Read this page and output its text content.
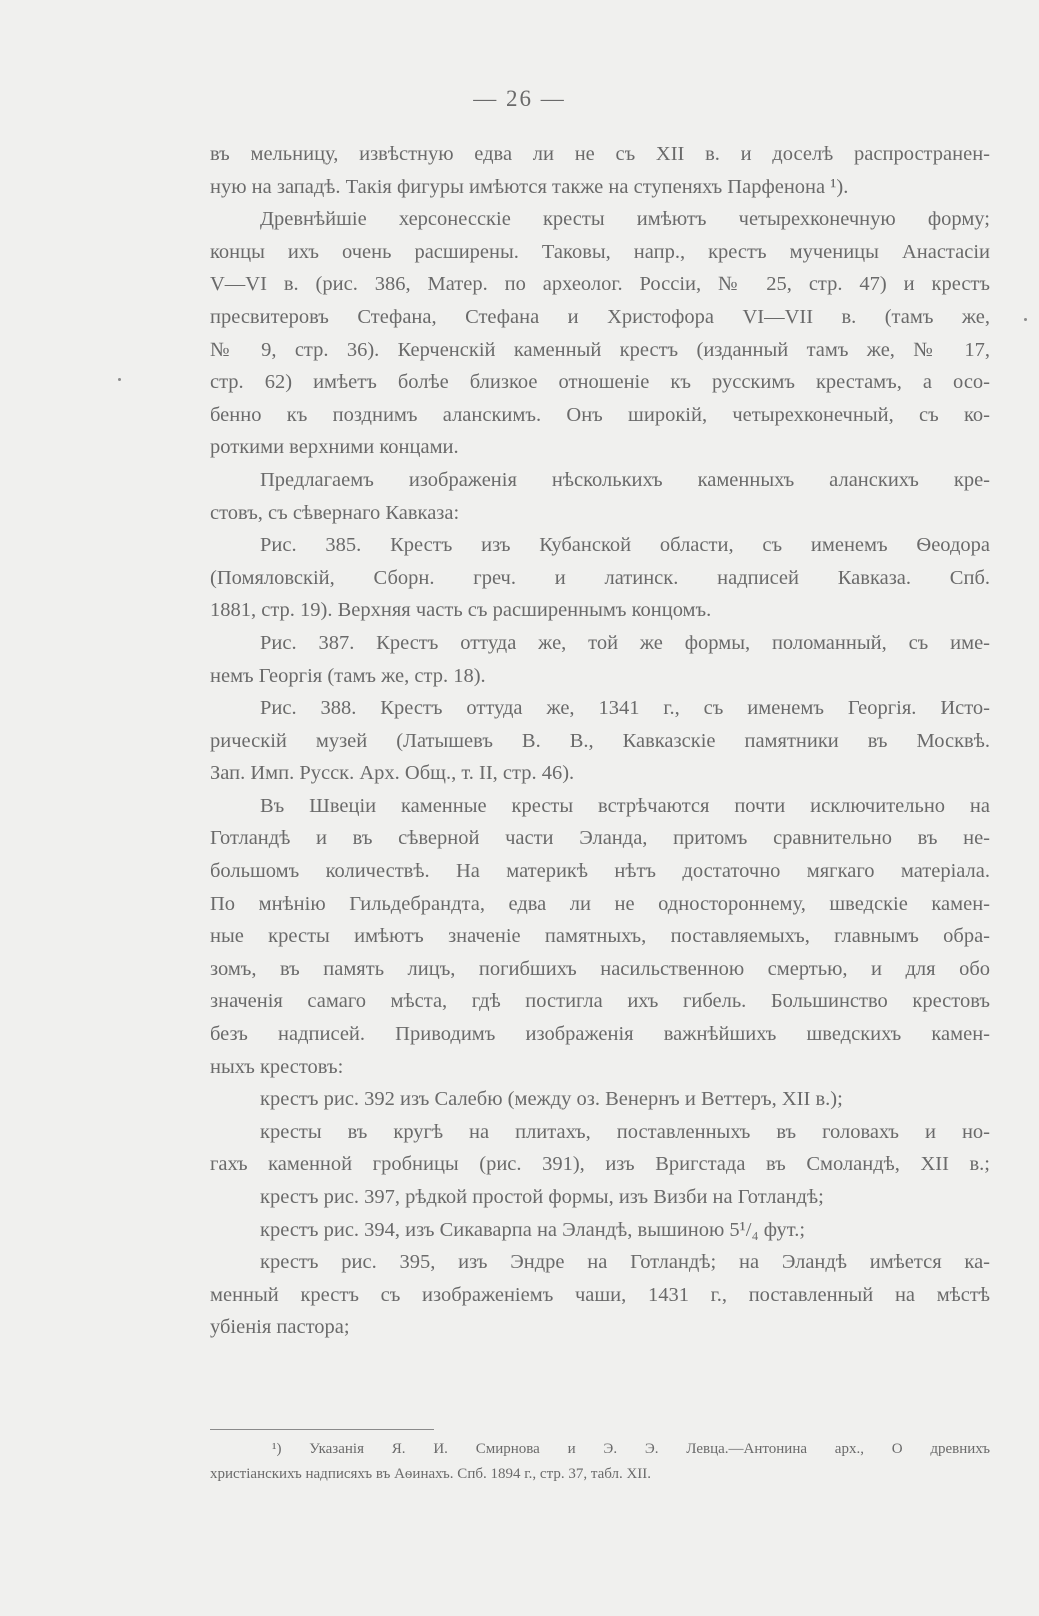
— 26 —
въ мельницу, извѣстную едва ли не съ XII в. и доселѣ распространен-
ную на западѣ. Такія фигуры имѣются также на ступеняхъ Парфенона ¹).
Древнѣйшіе херсонесскіе кресты имѣютъ четырехконечную форму;
концы ихъ очень расширены. Таковы, напр., крестъ мученицы Анастасіи
V—VI в. (рис. 386, Матер. по археолог. Россіи, № 25, стр. 47) и крестъ
пресвитеровъ Стефана, Стефана и Христофора VI—VII в. (тамъ же,
№ 9, стр. 36). Керченскій каменный крестъ (изданный тамъ же, № 17,
стр. 62) имѣетъ болѣе близкое отношеніе къ русскимъ крестамъ, а осо-
бенно къ позднимъ аланскимъ. Онъ широкій, четырехконечный, съ ко-
роткими верхними концами.
Предлагаемъ изображенія нѣсколькихъ каменныхъ аланскихъ кре-
стовъ, съ сѣвернаго Кавказа:
Рис. 385. Крестъ изъ Кубанской области, съ именемъ Ѳеодора
(Помяловскій, Сборн. греч. и латинск. надписей Кавказа. Спб.
1881, стр. 19). Верхняя часть съ расширеннымъ концомъ.
Рис. 387. Крестъ оттуда же, той же формы, поломанный, съ име-
немъ Георгія (тамъ же, стр. 18).
Рис. 388. Крестъ оттуда же, 1341 г., съ именемъ Георгія. Исто-
рическій музей (Латышевъ В. В., Кавказскіе памятники въ Москвѣ.
Зап. Имп. Русск. Арх. Общ., т. II, стр. 46).
Въ Швеціи каменные кресты встрѣчаются почти исключительно на
Готландѣ и въ сѣверной части Эланда, притомъ сравнительно въ не-
большомъ количествѣ. На материкѣ нѣтъ достаточно мягкаго матеріала.
По мнѣнію Гильдебрандта, едва ли не одностороннему, шведскіе камен-
ные кресты имѣютъ значеніе памятныхъ, поставляемыхъ, главнымъ обра-
зомъ, въ память лицъ, погибшихъ насильственною смертью, и для обо
значенія самаго мѣста, гдѣ постигла ихъ гибель. Большинство крестовъ
безъ надписей. Приводимъ изображенія важнѣйшихъ шведскихъ камен-
ныхъ крестовъ:
крестъ рис. 392 изъ Салебю (между оз. Венернъ и Веттеръ, XII в.);
кресты въ кругѣ на плитахъ, поставленныхъ въ головахъ и но-
гахъ каменной гробницы (рис. 391), изъ Вригстада въ Смоландѣ, XII в.;
крестъ рис. 397, рѣдкой простой формы, изъ Визби на Готландѣ;
крестъ рис. 394, изъ Сикаварпа на Эландѣ, вышиною 5¹/₄ фут.;
крестъ рис. 395, изъ Эндре на Готландѣ; на Эландѣ имѣется ка-
менный крестъ съ изображеніемъ чаши, 1431 г., поставленный на мѣстѣ
убіенія пастора;
¹) Указанія Я. И. Смирнова и Э. Э. Левца.—Антонина арх., О древнихъ
христіанскихъ надписяхъ въ Аѳинахъ. Спб. 1894 г., стр. 37, табл. XII.
